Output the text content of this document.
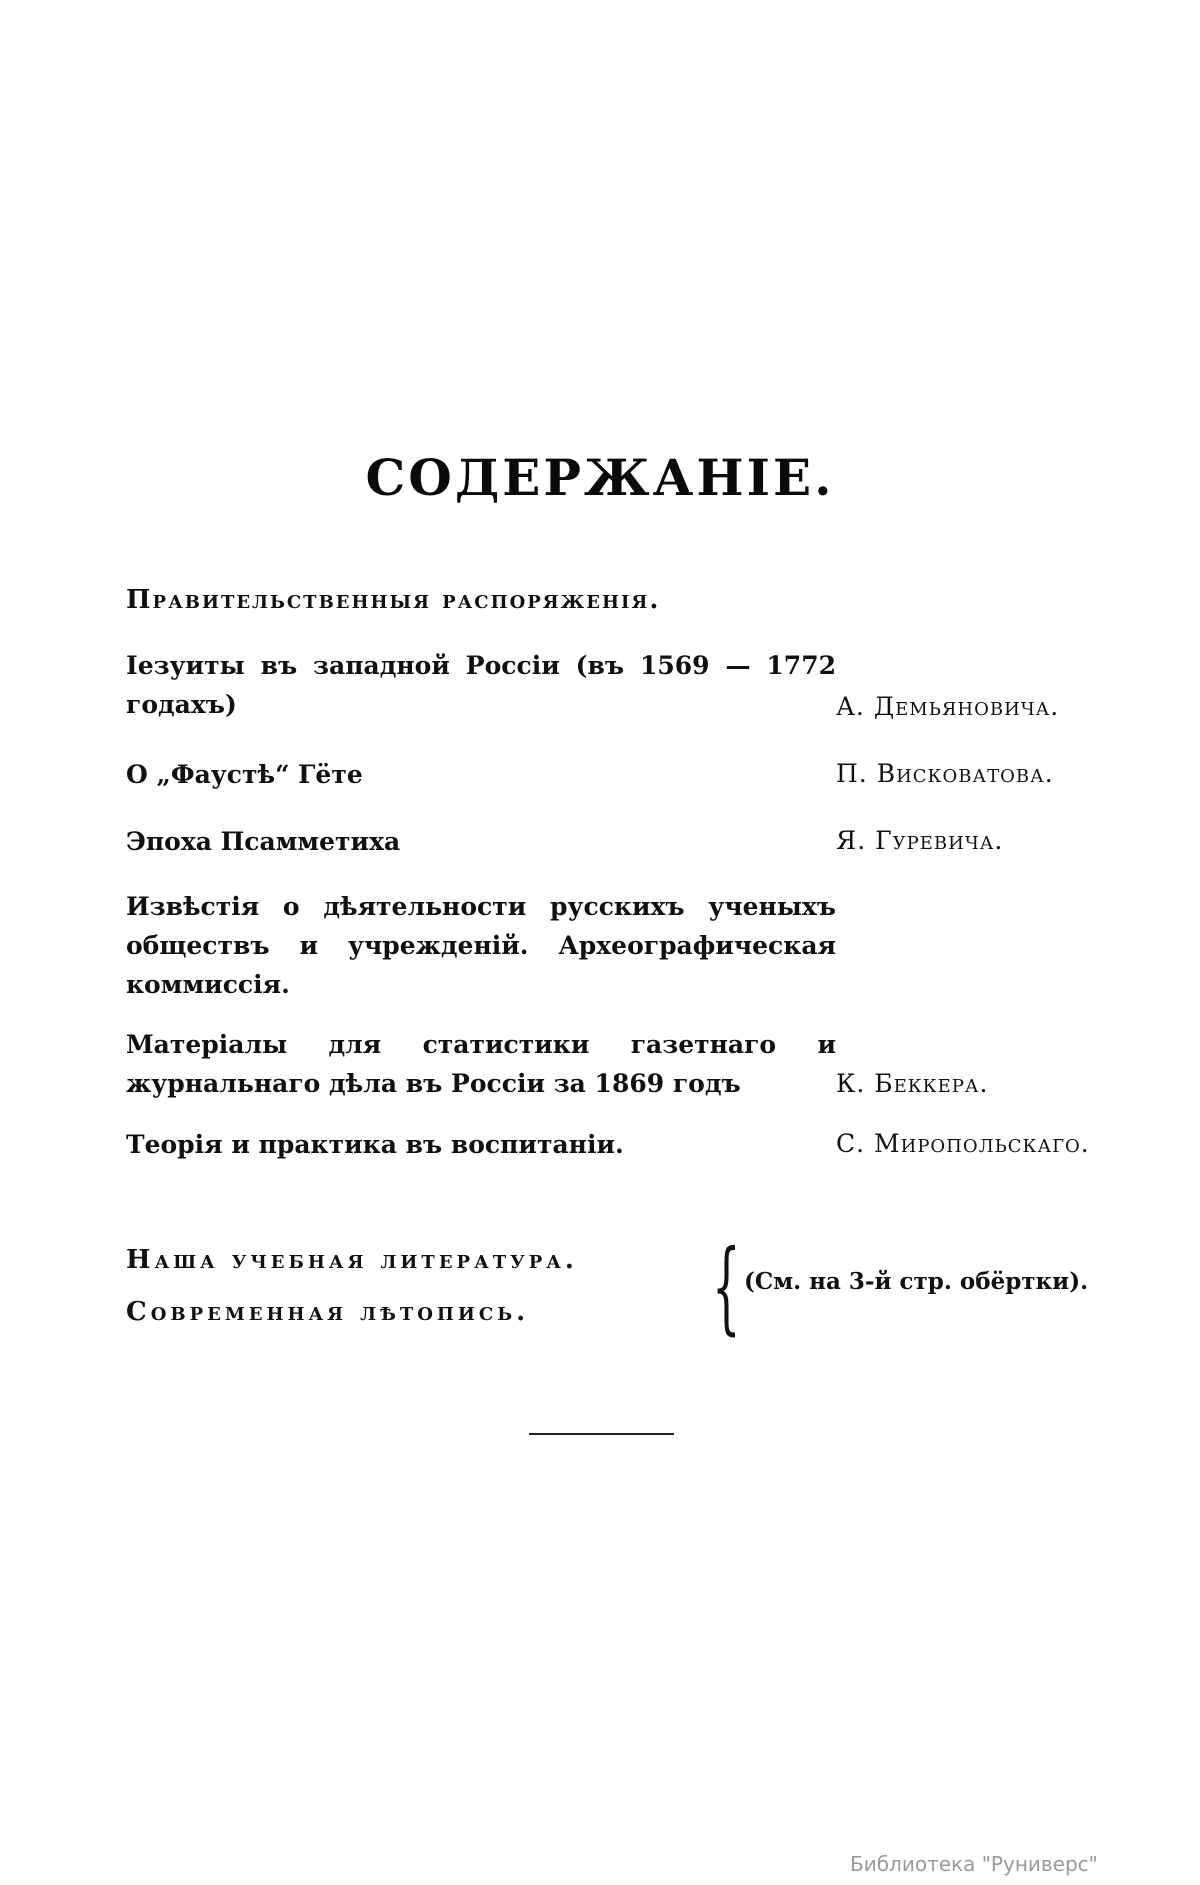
СОДЕРЖАНІЕ.
Правительственныя распоряженія.
Іезуиты въ западной Россіи (въ 1569 — 1772 годахъ)	А. Демьяновича.
О „Фаустѣ“ Гёте	П. Висковатова.
Эпоха Псамметиха	Я. Гуревича.
Извѣстія о дѣятельности русскихъ ученыхъ обществъ и учрежденій. Археографическая коммиссія.
Матеріалы для статистики газетнаго и журнальнаго дѣла въ Россіи за 1869 годъ	К. Беккера.
Теорія и практика въ воспитаніи.	С. Миропольскаго.
Наша учебная литература.
Современная лѣтопись. { (См. на 3-й стр. обёртки).
Библиотека "Руниверс"
